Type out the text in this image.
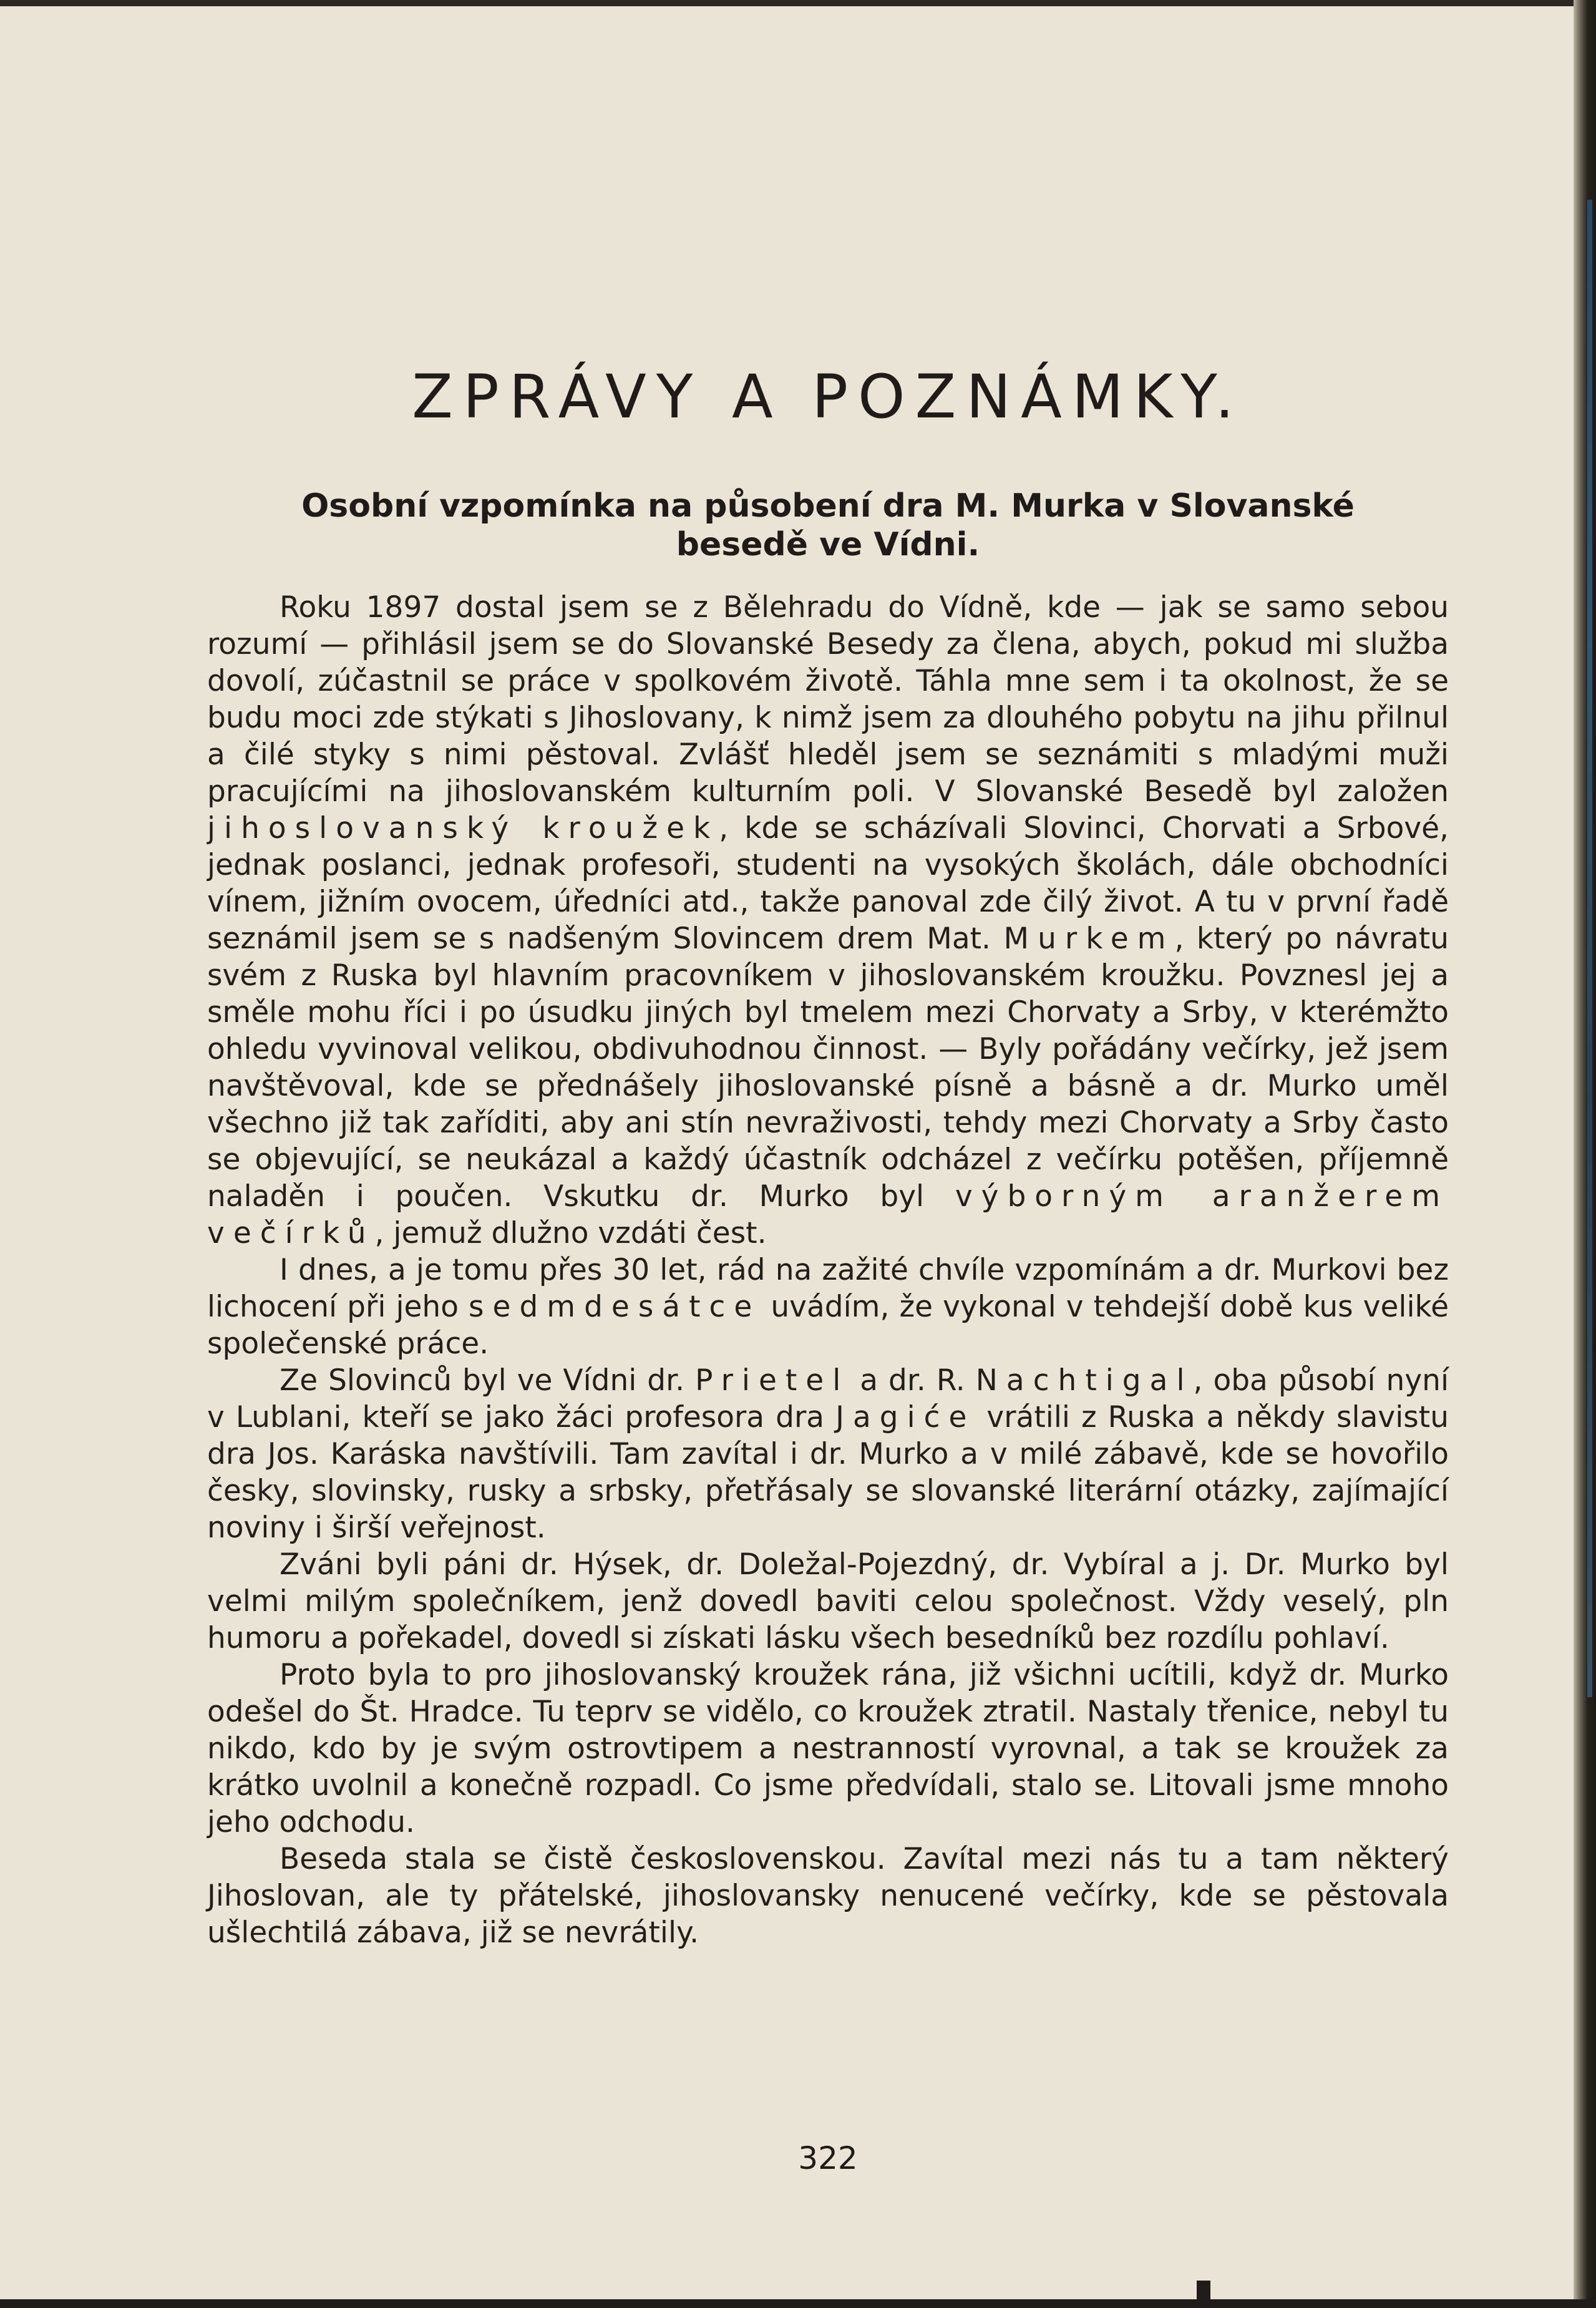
ZPRÁVY A POZNÁMKY.
Osobní vzpomínka na působení dra M. Murka v Slovanské besedě ve Vídni.

Roku 1897 dostal jsem se z Bělehradu do Vídně, kde — jak se samo sebou rozumí — přihlásil jsem se do Slovanské Besedy za člena, abych, pokud mi služba dovolí, zúčastnil se práce v spolkovém životě. Táhla mne sem i ta okolnost, že se budu moci zde stýkati s Jihoslovany, k nimž jsem za dlouhého pobytu na jihu přilnul a čilé styky s nimi pěstoval. Zvlášť hleděl jsem se seznámiti s mladými muži pracujícími na jihoslovanském kulturním poli. V Slovanské Besedě byl založen jihoslovanský kroužek, kde se scházívali Slovinci, Chorvati a Srbové, jednak poslanci, jednak profesoři, studenti na vysokých školách, dále obchodníci vínem, jižním ovocem, úředníci atd., takže panoval zde čilý život. A tu v první řadě seznámil jsem se s nadšeným Slovincem drem Mat. Murkem, který po návratu svém z Ruska byl hlavním pracovníkem v jihoslovanském kroužku. Povznesl jej a směle mohu říci i po úsudku jiných byl tmelem mezi Chorvaty a Srby, v kterémžto ohledu vyvinoval velikou, obdivuhodnou činnost. — Byly pořádány večírky, jež jsem navštěvoval, kde se přednášely jihoslovanské písně a básně a dr. Murko uměl všechno již tak zaříditi, aby ani stín nevraživosti, tehdy mezi Chorvaty a Srby často se objevující, se neukázal a každý účastník odcházel z večírku potěšen, příjemně naladěn i poučen. Vskutku dr. Murko byl výborným aranžerem večírků, jemuž dlužno vzdáti čest.

I dnes, a je tomu přes 30 let, rád na zažité chvíle vzpomínám a dr. Murkovi bez lichocení při jeho sedmdesátce uvádím, že vykonal v tehdejší době kus veliké společenské práce.

Ze Slovinců byl ve Vídni dr. Prietel a dr. R. Nachtigal, oba působí nyní v Lublani, kteří se jako žáci profesora dra Jagiće vrátili z Ruska a někdy slavistu dra Jos. Karáska navštívili. Tam zavítal i dr. Murko a v milé zábavě, kde se hovořilo česky, slovinsky, rusky a srbsky, přetřásaly se slovanské literární otázky, zajímající noviny i širší veřejnost.

Zváni byli páni dr. Hýsek, dr. Doležal-Pojezdný, dr. Vybíral a j. Dr. Murko byl velmi milým společníkem, jenž dovedl baviti celou společnost. Vždy veselý, pln humoru a pořekadel, dovedl si získati lásku všech besedníků bez rozdílu pohlaví.

Proto byla to pro jihoslovanský kroužek rána, již všichni ucítili, když dr. Murko odešel do Št. Hradce. Tu teprv se vidělo, co kroužek ztratil. Nastaly třenice, nebyl tu nikdo, kdo by je svým ostrovtipem a nestranností vyrovnal, a tak se kroužek za krátko uvolnil a konečně rozpadl. Co jsme předvídali, stalo se. Litovali jsme mnoho jeho odchodu.

Beseda stala se čistě československou. Zavítal mezi nás tu a tam některý Jihoslovan, ale ty přátelské, jihoslovansky nenucené večírky, kde se pěstovala ušlechtilá zábava, již se nevrátily.

322
